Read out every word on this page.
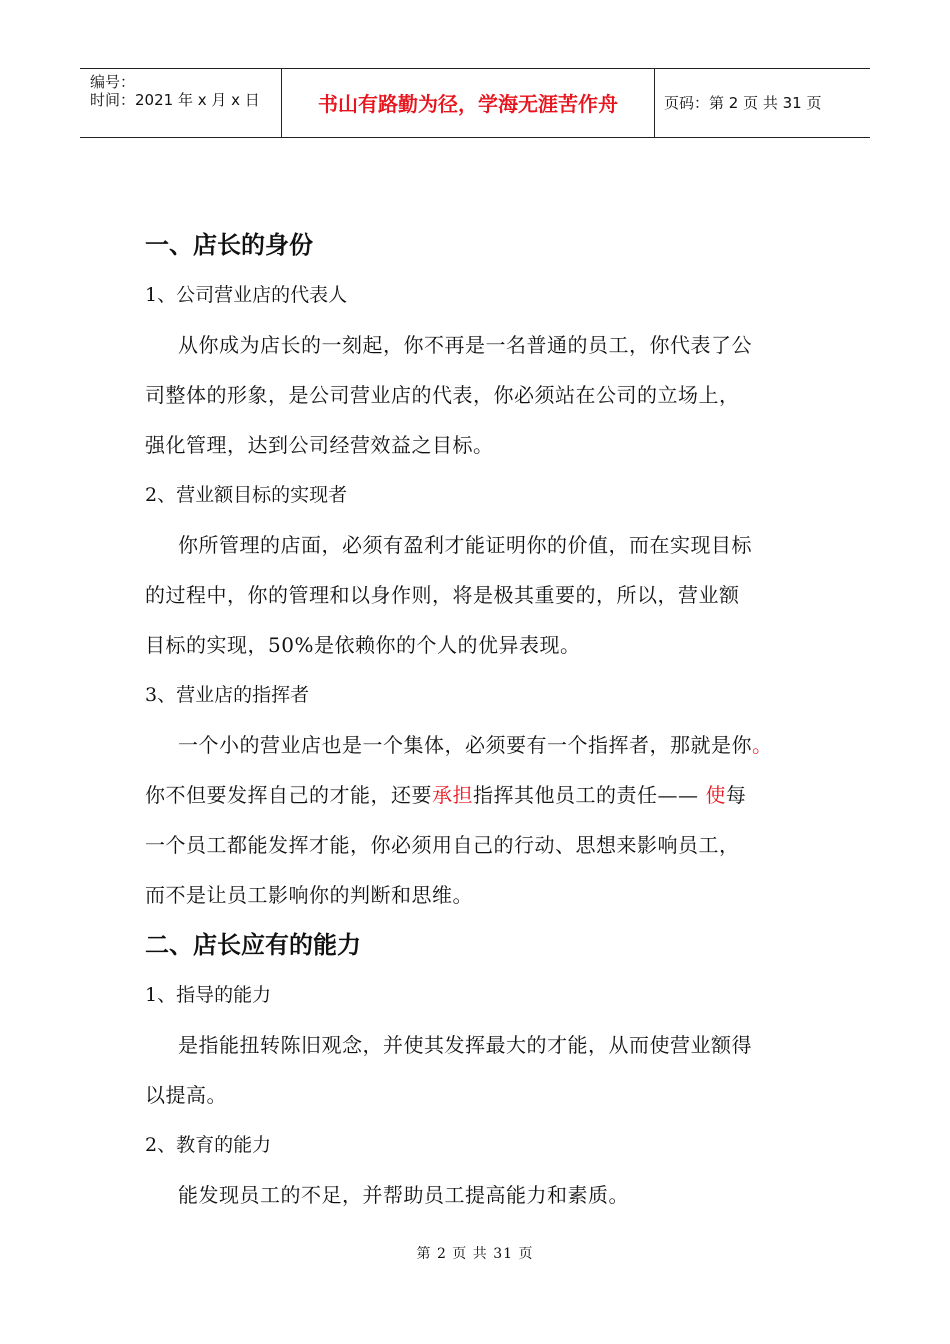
编号：
时间：2021 年 x 月 x 日	书山有路勤为径，学海无涯苦作舟	页码：第 2 页 共 31 页
一、店长的身份
1、公司营业店的代表人
从你成为店长的一刻起，你不再是一名普通的员工，你代表了公
司整体的形象，是公司营业店的代表，你必须站在公司的立场上，
强化管理，达到公司经营效益之目标。
2、营业额目标的实现者
你所管理的店面，必须有盈利才能证明你的价值，而在实现目标
的过程中，你的管理和以身作则，将是极其重要的，所以，营业额
目标的实现，50%是依赖你的个人的优异表现。
3、营业店的指挥者
一个小的营业店也是一个集体，必须要有一个指挥者，那就是你。
你不但要发挥自己的才能，还要承担指挥其他员工的责任—— 使每
一个员工都能发挥才能，你必须用自己的行动、思想来影响员工，
而不是让员工影响你的判断和思维。
二、店长应有的能力
1、指导的能力
是指能扭转陈旧观念，并使其发挥最大的才能，从而使营业额得
以提高。
2、教育的能力
能发现员工的不足，并帮助员工提高能力和素质。
第 2 页 共 31 页
